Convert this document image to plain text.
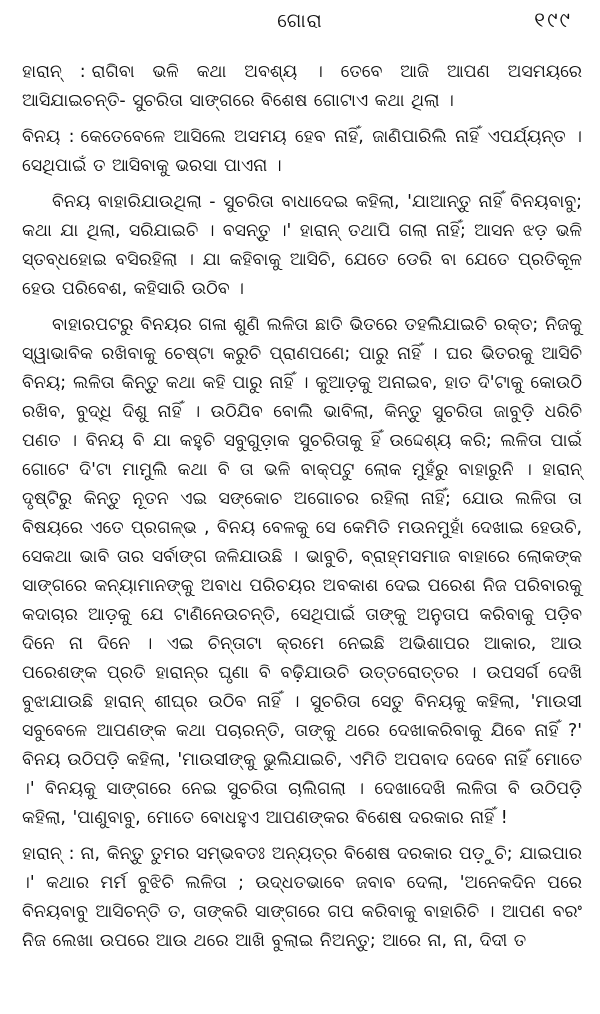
ଗୋରା	୧୯୯

ହାରାନ୍ : ରାଗିବା ଭଳି କଥା ଅବଶ୍ୟ । ତେବେ ଆଜି ଆପଣ ଅସମୟରେ ଆସିଯାଇଚନ୍ତି- ସୁଚରିତା ସାଙ୍ଗରେ ବିଶେଷ ଗୋଟାଏ କଥା ଥିଲା ।

ବିନୟ : କେତେବେଳେ ଆସିଲେ ଅସମୟ ହେବ ନାହିଁ, ଜାଣିପାରିଲି ନାହିଁ ଏପର୍ଯ୍ୟନ୍ତ । ସେଥିପାଇଁ ତ ଆସିବାକୁ ଭରସା ପାଏନା ।

ବିନୟ ବାହାରିଯାଉଥିଲା - ସୁଚରିତା ବାଧାଦେଇ କହିଲା, 'ଯାଆନ୍ତୁ ନାହିଁ ବିନୟବାବୁ; କଥା ଯା ଥିଲା, ସରିଯାଇଚି । ବସନ୍ତୁ ।' ହାରାନ୍ ତଥାପି ଗଲା ନାହିଁ; ଆସନ ଝଡ଼ ଭଳି ସ୍ତବ୍ଧହୋଇ ବସିରହିଲା । ଯା କହିବାକୁ ଆସିଚି, ଯେତେ ଡେରି ବା ଯେତେ ପ୍ରତିକୂଳ ହେଉ ପରିବେଶ, କହିସାରି ଉଠିବ ।

ବାହାରପଟରୁ ବିନୟର ଗଳା ଶୁଣି ଲଳିତା ଛାତି ଭିତରେ ତହଲିଯାଇଚି ରକ୍ତ; ନିଜକୁ ସ୍ୱାଭାବିକ ରଖିବାକୁ ଚେଷ୍ଟା କରୁଚି ପ୍ରାଣପଣେ; ପାରୁ ନାହିଁ । ଘର ଭିତରକୁ ଆସିଚି ବିନୟ; ଲଳିତା କିନ୍ତୁ କଥା କହି ପାରୁ ନାହିଁ । କୁଆଡ଼କୁ ଅନାଇବ, ହାତ ଦି'ଟାକୁ କୋଉଠି ରଖିବ, ବୁଦ୍ଧି ଦିଶୁ ନାହିଁ । ଉଠିଯିବ ବୋଲି ଭାବିଲା, କିନ୍ତୁ ସୁଚରିତା ଜାବୁଡ଼ି ଧରିଚି ପଣତ । ବିନୟ ବି ଯା କହୁଚି ସବୁଗୁଡ଼ାକ ସୁଚରିତାକୁ ହିଁ ଉଦ୍ଦେଶ୍ୟ କରି; ଲଳିତା ପାଇଁ ଗୋଟେ ଦି'ଟା ମାମୁଲି କଥା ବି ତା ଭଳି ବାକ୍ପଟୁ ଲୋକ ମୁହଁରୁ ବାହାରୁନି । ହାରାନ୍ ଦୃଷ୍ଟିରୁ କିନ୍ତୁ ନୂତନ ଏଇ ସଙ୍କୋଚ ଅଗୋଚର ରହିଲା ନାହିଁ; ଯୋଉ ଲଳିତା ତା ବିଷୟରେ ଏତେ ପ୍ରଗଳ୍ଭ , ବିନୟ ବେଳକୁ ସେ କେମିତି ମଉନମୁହାଁ ଦେଖାଇ ହେଉଚି, ସେକଥା ଭାବି ତାର ସର୍ବାଙ୍ଗ ଜଳିଯାଉଛି । ଭାବୁଚି, ବ୍ରାହ୍ମସମାଜ ବାହାରେ ଲୋକଙ୍କ ସାଙ୍ଗରେ କନ୍ୟାମାନଙ୍କୁ ଅବାଧ ପରିଚୟର ଅବକାଶ ଦେଇ ପରେଶ ନିଜ ପରିବାରକୁ କଦାଚାର ଆଡ଼କୁ ଯେ ଟାଣିନେଉଚନ୍ତି, ସେଥିପାଇଁ ତାଙ୍କୁ ଅନୁତାପ କରିବାକୁ ପଡ଼ିବ ଦିନେ ନା ଦିନେ । ଏଇ ଚିନ୍ତାଟା କ୍ରମେ ନେଇଛି ଅଭିଶାପର ଆକାର, ଆଉ ପରେଶଙ୍କ ପ୍ରତି ହାରାନ୍ର ଘୃଣା ବି ବଢ଼ିଯାଉଚି ଉତ୍ତରୋତ୍ତର । ଉପସର୍ଗ ଦେଖି ବୁଝାଯାଉଛି ହାରାନ୍ ଶୀଘ୍ର ଉଠିବ ନାହିଁ । ସୁଚରିତା ସେତୁ ବିନୟକୁ କହିଲା, 'ମାଉସୀ ସବୁବେଳେ ଆପଣଙ୍କ କଥା ପଚାରନ୍ତି, ତାଙ୍କୁ ଥରେ ଦେଖାକରିବାକୁ ଯିବେ ନାହିଁ ?' ବିନୟ ଉଠିପଡ଼ି କହିଲା, 'ମାଉସୀଙ୍କୁ ଭୁଲିଯାଇଚି, ଏମିତି ଅପବାଦ ଦେବେ ନାହିଁ ମୋତେ ।' ବିନୟକୁ ସାଙ୍ଗରେ ନେଇ ସୁଚରିତା ଚାଲିଗଲା । ଦେଖାଦେଖି ଲଳିତା ବି ଉଠିପଡ଼ି କହିଲା, 'ପାଣୁବାବୁ, ମୋତେ ବୋଧହୁଏ ଆପଣଙ୍କର ବିଶେଷ ଦରକାର ନାହିଁ !

ହାରାନ୍ : ନା, କିନ୍ତୁ ତୁମର ସମ୍ଭବତଃ ଅନ୍ୟତ୍ର ବିଶେଷ ଦରକାର ପଡ଼ୁଚି; ଯାଇପାର ।' କଥାର ମର୍ମ ବୁଝିଚି ଲଳିତା ; ଉଦ୍ଧତଭାବେ ଜବାବ ଦେଲା, 'ଅନେକଦିନ ପରେ ବିନୟବାବୁ ଆସିଚନ୍ତି ତ, ତାଙ୍କରି ସାଙ୍ଗରେ ଗପ କରିବାକୁ ବାହାରିଚି । ଆପଣ ବରଂ ନିଜ ଲେଖା ଉପରେ ଆଉ ଥରେ ଆଖି ବୁଲାଇ ନିଅନ୍ତୁ; ଆରେ ନା, ନା, ଦିଦୀ ତ
